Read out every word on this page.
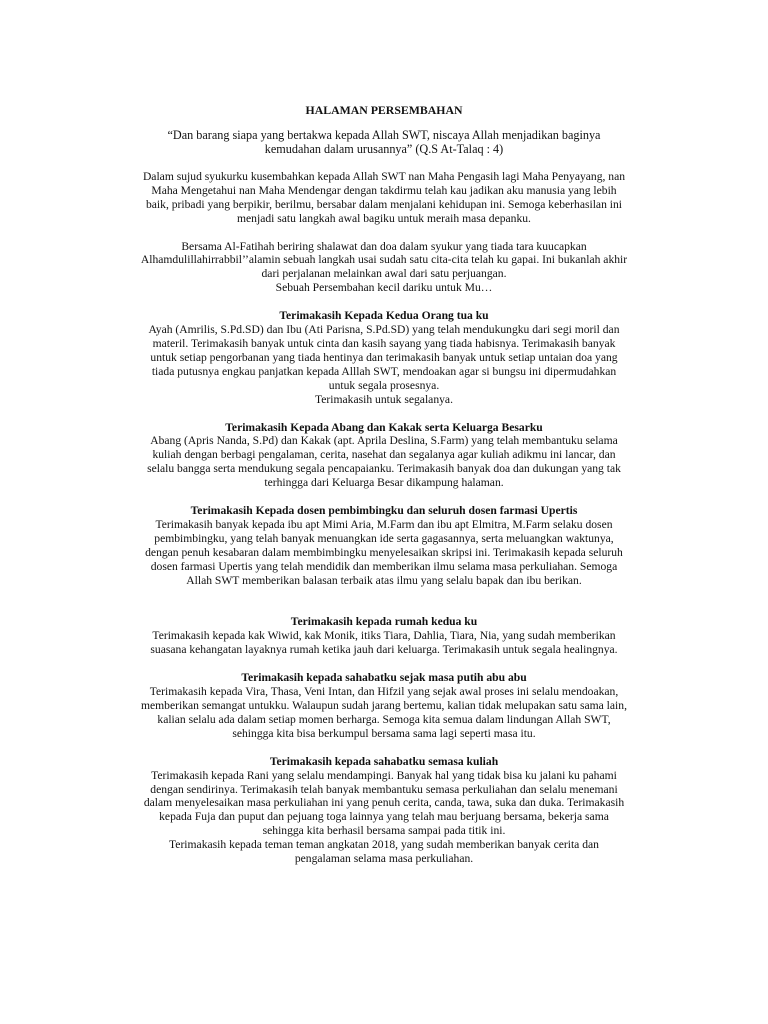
HALAMAN PERSEMBAHAN
“Dan barang siapa yang bertakwa kepada Allah SWT, niscaya Allah menjadikan baginya kemudahan dalam urusannya” (Q.S At-Talaq : 4)
Dalam sujud syukurku kusembahkan kepada Allah SWT nan Maha Pengasih lagi Maha Penyayang, nan Maha Mengetahui nan Maha Mendengar dengan takdirmu telah kau jadikan aku manusia yang lebih baik, pribadi yang berpikir, berilmu, bersabar dalam menjalani kehidupan ini. Semoga keberhasilan ini menjadi satu langkah awal bagiku untuk meraih masa depanku.
Bersama Al-Fatihah beriring shalawat dan doa dalam syukur yang tiada tara kuucapkan Alhamdulillahirrabbil’’alamin sebuah langkah usai sudah satu cita-cita telah ku gapai. Ini bukanlah akhir dari perjalanan melainkan awal dari satu perjuangan.
Sebuah Persembahan kecil dariku untuk Mu…
Terimakasih Kepada Kedua Orang tua ku
Ayah (Amrilis, S.Pd.SD) dan Ibu (Ati Parisna, S.Pd.SD) yang telah mendukungku dari segi moril dan materil. Terimakasih banyak untuk cinta dan kasih sayang yang tiada habisnya. Terimakasih banyak untuk setiap pengorbanan yang tiada hentinya dan terimakasih banyak untuk setiap untaian doa yang tiada putusnya engkau panjatkan kepada Alllah SWT, mendoakan agar si bungsu ini dipermudahkan untuk segala prosesnya.
Terimakasih untuk segalanya.
Terimakasih Kepada Abang dan Kakak serta Keluarga Besarku
Abang (Apris Nanda, S.Pd) dan Kakak (apt. Aprila Deslina, S.Farm) yang telah membantuku selama kuliah dengan berbagi pengalaman, cerita, nasehat dan segalanya agar kuliah adikmu ini lancar, dan selalu bangga serta mendukung segala pencapaianku. Terimakasih banyak doa dan dukungan yang tak terhingga dari Keluarga Besar dikampung halaman.
Terimakasih Kepada dosen pembimbingku dan seluruh dosen farmasi Upertis
Terimakasih banyak kepada ibu apt Mimi Aria, M.Farm dan ibu apt Elmitra, M.Farm selaku dosen pembimbingku, yang telah banyak menuangkan ide serta gagasannya, serta meluangkan waktunya, dengan penuh kesabaran dalam membimbingku menyelesaikan skripsi ini. Terimakasih kepada seluruh dosen farmasi Upertis yang telah mendidik dan memberikan ilmu selama masa perkuliahan. Semoga Allah SWT memberikan balasan terbaik atas ilmu yang selalu bapak dan ibu berikan.
Terimakasih kepada rumah kedua ku
Terimakasih kepada kak Wiwid, kak Monik, itiks Tiara, Dahlia, Tiara, Nia, yang sudah memberikan suasana kehangatan layaknya rumah ketika jauh dari keluarga. Terimakasih untuk segala healingnya.
Terimakasih kepada sahabatku sejak masa putih abu abu
Terimakasih kepada Vira, Thasa, Veni Intan, dan Hifzil yang sejak awal proses ini selalu mendoakan, memberikan semangat untukku. Walaupun sudah jarang bertemu, kalian tidak melupakan satu sama lain, kalian selalu ada dalam setiap momen berharga. Semoga kita semua dalam lindungan Allah SWT, sehingga kita bisa berkumpul bersama sama lagi seperti masa itu.
Terimakasih kepada sahabatku semasa kuliah
Terimakasih kepada Rani yang selalu mendampingi. Banyak hal yang tidak bisa ku jalani ku pahami dengan sendirinya. Terimakasih telah banyak membantuku semasa perkuliahan dan selalu menemani dalam menyelesaikan masa perkuliahan ini yang penuh cerita, canda, tawa, suka dan duka. Terimakasih kepada Fuja dan puput dan pejuang toga lainnya yang telah mau berjuang bersama, bekerja sama sehingga kita berhasil bersama sampai pada titik ini.
Terimakasih kepada teman teman angkatan 2018, yang sudah memberikan banyak cerita dan pengalaman selama masa perkuliahan.
